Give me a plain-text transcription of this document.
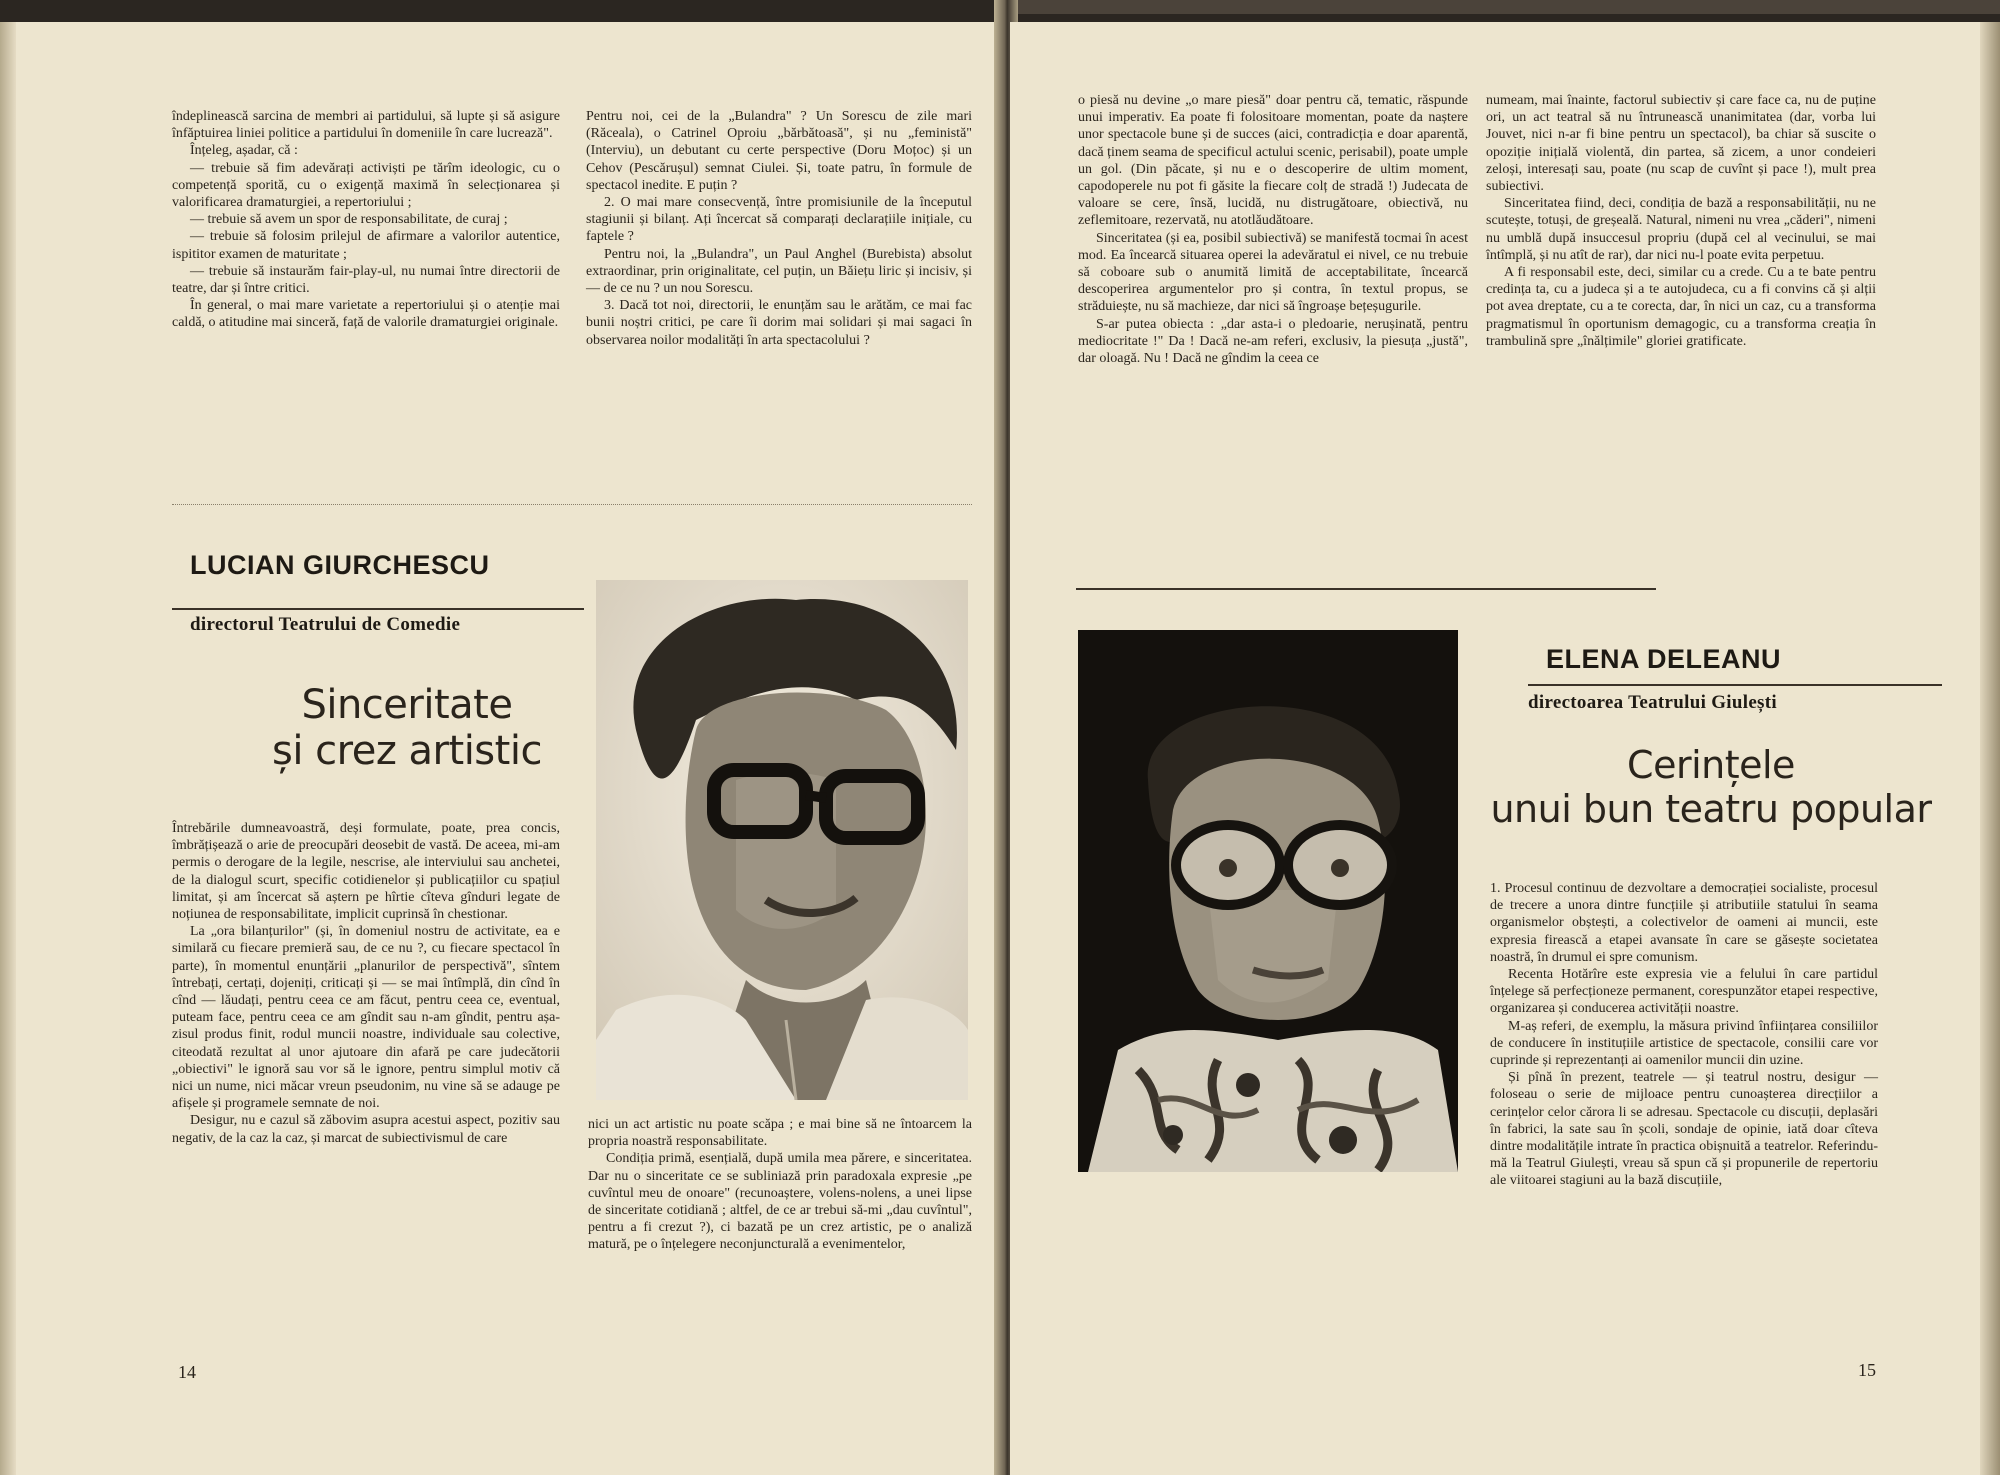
îndeplinească sarcina de membri ai partidului, să lupte și să asigure înfăptuirea liniei politice a partidului în domeniile în care lucrează".

Înțeleg, așadar, că :

— trebuie să fim adevărați activiști pe tărîm ideologic, cu o competență sporită, cu o exigență maximă în selecționarea și valorificarea dramaturgiei, a repertoriului ;

— trebuie să avem un spor de responsabilitate, de curaj ;

— trebuie să folosim prilejul de afirmare a valorilor autentice, ispititor examen de maturitate ;

— trebuie să instaurăm fair-play-ul, nu numai între directorii de teatre, dar și între critici.

În general, o mai mare varietate a repertoriului și o atenție mai caldă, o atitudine mai sinceră, față de valorile dramaturgiei originale.

Pentru noi, cei de la „Bulandra" ? Un Sorescu de zile mari (Răceala), o Catrinel Oproiu „bărbătoasă", și nu „feministă" (Interviu), un debutant cu certe perspective (Doru Moțoc) și un Cehov (Pescărușul) semnat Ciulei. Și, toate patru, în formule de spectacol inedite. E puțin ?

2. O mai mare consecvență, între promisiunile de la începutul stagiunii și bilanț. Ați încercat să comparați declarațiile inițiale, cu faptele ?

Pentru noi, la „Bulandra", un Paul Anghel (Burebista) absolut extraordinar, prin originalitate, cel puțin, un Băiețu liric și incisiv, și — de ce nu ? un nou Sorescu.

3. Dacă tot noi, directorii, le enunțăm sau le arătăm, ce mai fac bunii noștri critici, pe care îi dorim mai solidari și mai sagaci în observarea noilor modalități în arta spectacolului ?

LUCIAN GIURCHESCU
directorul Teatrului de Comedie
Sinceritate
și crez artistic

Întrebările dumneavoastră, deși formulate, poate, prea concis, îmbrățișează o arie de preocupări deosebit de vastă. De aceea, mi-am permis o derogare de la legile, nescrise, ale interviului sau anchetei, de la dialogul scurt, specific cotidienelor și publicațiilor cu spațiul limitat, și am încercat să aștern pe hîrtie cîteva gînduri legate de noțiunea de responsabilitate, implicit cuprinsă în chestionar.

La „ora bilanțurilor" (și, în domeniul nostru de activitate, ea e similară cu fiecare premieră sau, de ce nu ?, cu fiecare spectacol în parte), în momentul enunțării „planurilor de perspectivă", sîntem întrebați, certați, dojeniți, criticați și — se mai întîmplă, din cînd în cînd — lăudați, pentru ceea ce am făcut, pentru ceea ce, eventual, puteam face, pentru ceea ce am gîndit sau n-am gîndit, pentru așa-zisul produs finit, rodul muncii noastre, individuale sau colective, citeodată rezultat al unor ajutoare din afară pe care judecătorii „obiectivi" le ignoră sau vor să le ignore, pentru simplul motiv că nici un nume, nici măcar vreun pseudonim, nu vine să se adauge pe afișele și programele semnate de noi.

Desigur, nu e cazul să zăbovim asupra acestui aspect, pozitiv sau negativ, de la caz la caz, și marcat de subiectivismul de care

nici un act artistic nu poate scăpa ; e mai bine să ne întoarcem la propria noastră responsabilitate.

Condiția primă, esențială, după umila mea părere, e sinceritatea. Dar nu o sinceritate ce se subliniază prin paradoxala expresie „pe cuvîntul meu de onoare" (recunoaștere, volens-nolens, a unei lipse de sinceritate cotidiană ; altfel, de ce ar trebui să-mi „dau cuvîntul", pentru a fi crezut ?), ci bazată pe un crez artistic, pe o analiză matură, pe o înțelegere neconjuncturală a evenimentelor,

14

o piesă nu devine „o mare piesă" doar pentru că, tematic, răspunde unui imperativ. Ea poate fi folositoare momentan, poate da naștere unor spectacole bune și de succes (aici, contradicția e doar aparentă, dacă ținem seama de specificul actului scenic, perisabil), poate umple un gol. (Din păcate, și nu e o descoperire de ultim moment, capodoperele nu pot fi găsite la fiecare colț de stradă !) Judecata de valoare se cere, însă, lucidă, nu distrugătoare, obiectivă, nu zeflemitoare, rezervată, nu atotlăudătoare.

Sinceritatea (și ea, posibil subiectivă) se manifestă tocmai în acest mod. Ea încearcă situarea operei la adevăratul ei nivel, ce nu trebuie să coboare sub o anumită limită de acceptabilitate, încearcă descoperirea argumentelor pro și contra, în textul propus, se străduiește, nu să machieze, dar nici să îngroașe bețeșugurile.

S-ar putea obiecta : „dar asta-i o pledoarie, nerușinată, pentru mediocritate !" Da ! Dacă ne-am referi, exclusiv, la piesuța „justă", dar oloagă. Nu ! Dacă ne gîndim la ceea ce

numeam, mai înainte, factorul subiectiv și care face ca, nu de puține ori, un act teatral să nu întrunească unanimitatea (dar, vorba lui Jouvet, nici n-ar fi bine pentru un spectacol), ba chiar să suscite o opoziție inițială violentă, din partea, să zicem, a unor condeieri zeloși, interesați sau, poate (nu scap de cuvînt și pace !), mult prea subiectivi.

Sinceritatea fiind, deci, condiția de bază a responsabilității, nu ne scutește, totuși, de greșeală. Natural, nimeni nu vrea „căderi", nimeni nu umblă după insuccesul propriu (după cel al vecinului, se mai întîmplă, și nu atît de rar), dar nici nu-l poate evita perpetuu.

A fi responsabil este, deci, similar cu a crede. Cu a te bate pentru credința ta, cu a judeca și a te autojudeca, cu a fi convins că și alții pot avea dreptate, cu a te corecta, dar, în nici un caz, cu a transforma pragmatismul în oportunism demagogic, cu a transforma creația în trambulină spre „înălțimile" gloriei gratificate.

ELENA DELEANU
directoarea Teatrului Giulești
Cerințele
unui bun teatru popular

1. Procesul continuu de dezvoltare a democrației socialiste, procesul de trecere a unora dintre funcțiile și atributiile statului în seama organismelor obștești, a colectivelor de oameni ai muncii, este expresia firească a etapei avansate în care se găsește societatea noastră, în drumul ei spre comunism.

Recenta Hotărîre este expresia vie a felului în care partidul înțelege să perfecționeze permanent, corespunzător etapei respective, organizarea și conducerea activității noastre.

M-aș referi, de exemplu, la măsura privind înființarea consiliilor de conducere în instituțiile artistice de spectacole, consilii care vor cuprinde și reprezentanți ai oamenilor muncii din uzine.

Și pînă în prezent, teatrele — și teatrul nostru, desigur — foloseau o serie de mijloace pentru cunoașterea direcțiilor a cerințelor celor cărora li se adresau. Spectacole cu discuții, deplasări în fabrici, la sate sau în școli, sondaje de opinie, iată doar cîteva dintre modalitățile intrate în practica obișnuită a teatrelor. Referindu-mă la Teatrul Giulești, vreau să spun că și propunerile de repertoriu ale viitoarei stagiuni au la bază discuțiile,

15
